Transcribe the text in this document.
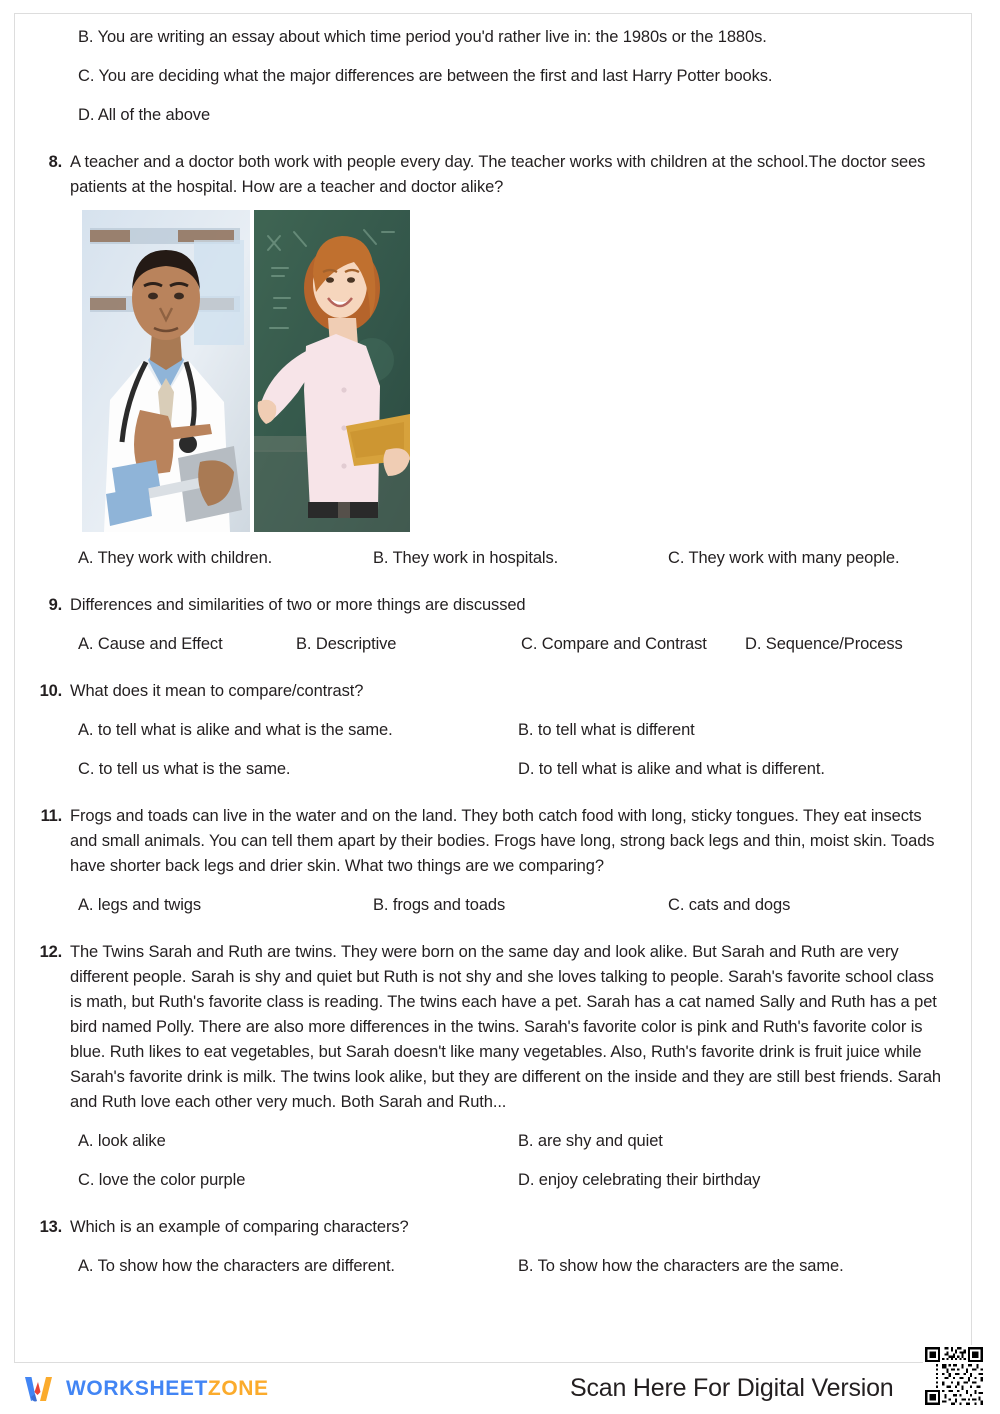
B. You are writing an essay about which time period you'd rather live in: the 1980s or the 1880s.
C. You are deciding what the major differences are between the first and last Harry Potter books.
D. All of the above
8. A teacher and a doctor both work with people every day. The teacher works with children at the school.The doctor sees patients at the hospital. How are a teacher and doctor alike?
A. They work with children.	B. They work in hospitals.	C. They work with many people.
9. Differences and similarities of two or more things are discussed
A. Cause and Effect	B. Descriptive	C. Compare and Contrast D. Sequence/Process
10. What does it mean to compare/contrast?
A. to tell what is alike and what is the same.	B. to tell what is different
C. to tell us what is the same.	D. to tell what is alike and what is different.
11. Frogs and toads can live in the water and on the land. They both catch food with long, sticky tongues. They eat insects and small animals. You can tell them apart by their bodies. Frogs have long, strong back legs and thin, moist skin. Toads have shorter back legs and drier skin. What two things are we comparing?
A. legs and twigs	B. frogs and toads	C. cats and dogs
12. The Twins Sarah and Ruth are twins. They were born on the same day and look alike. But Sarah and Ruth are very different people. Sarah is shy and quiet but Ruth is not shy and she loves talking to people. Sarah's favorite school class is math, but Ruth's favorite class is reading. The twins each have a pet. Sarah has a cat named Sally and Ruth has a pet bird named Polly. There are also more differences in the twins. Sarah's favorite color is pink and Ruth's favorite color is blue. Ruth likes to eat vegetables, but Sarah doesn't like many vegetables. Also, Ruth's favorite drink is fruit juice while Sarah's favorite drink is milk. The twins look alike, but they are different on the inside and they are still best friends. Sarah and Ruth love each other very much. Both Sarah and Ruth...
A. look alike	B. are shy and quiet
C. love the color purple	D. enjoy celebrating their birthday
13. Which is an example of comparing characters?
A. To show how the characters are different.	B. To show how the characters are the same.
WORKSHEETZONE	Scan Here For Digital Version
